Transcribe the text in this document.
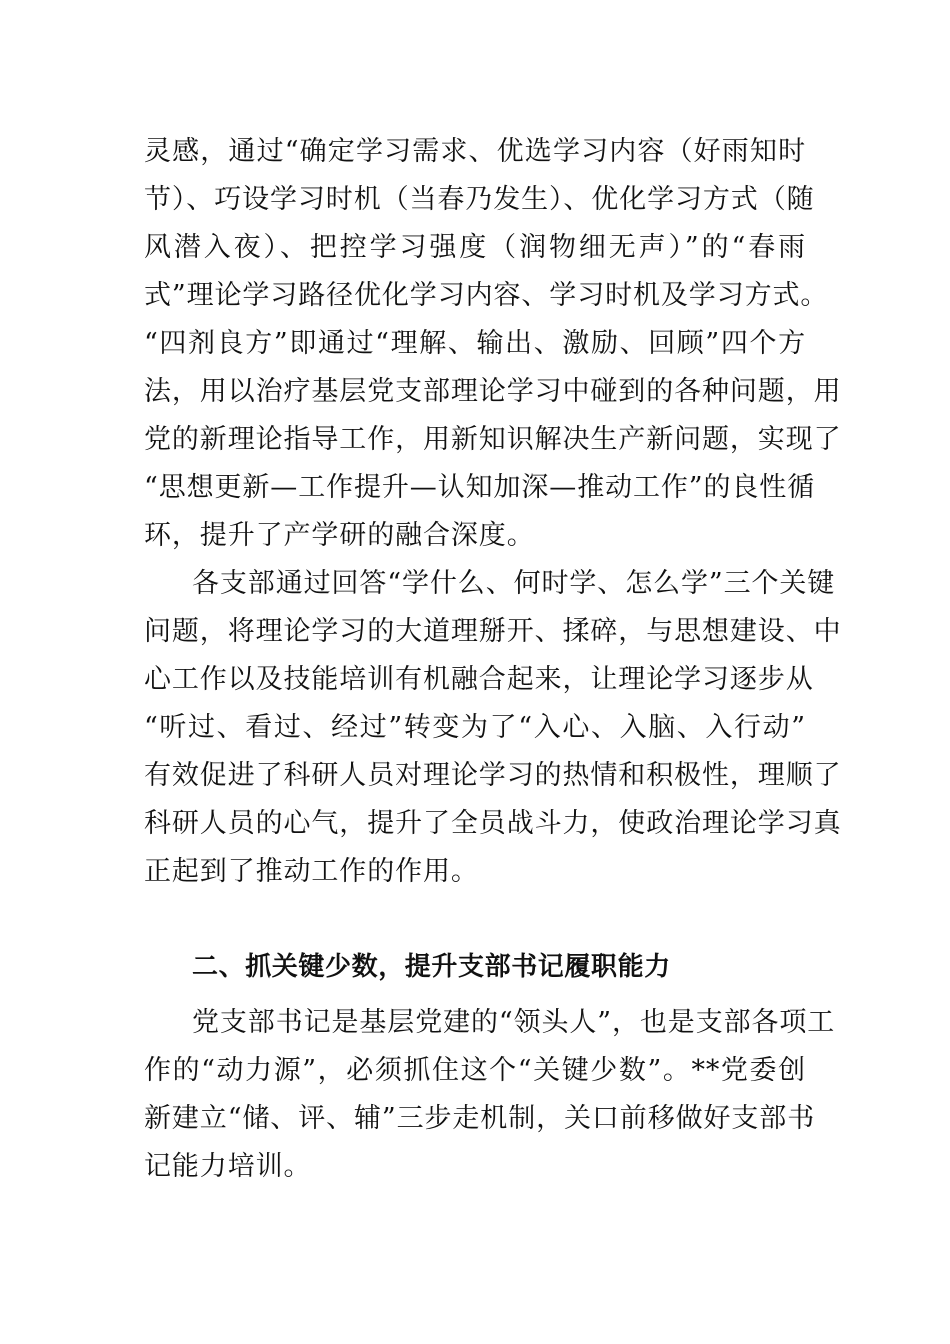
灵感，通过“确定学习需求、优选学习内容（好雨知时
节）、巧设学习时机（当春乃发生）、优化学习方式（随
风潜入夜）、把控学习强度（润物细无声）”的“春雨
式”理论学习路径优化学习内容、学习时机及学习方式。
“四剂良方”即通过“理解、输出、激励、回顾”四个方
法，用以治疗基层党支部理论学习中碰到的各种问题，用
党的新理论指导工作，用新知识解决生产新问题，实现了
“思想更新—工作提升—认知加深—推动工作”的良性循
环，提升了产学研的融合深度。
各支部通过回答“学什么、何时学、怎么学”三个关键
问题，将理论学习的大道理掰开、揉碎，与思想建设、中
心工作以及技能培训有机融合起来，让理论学习逐步从
“听过、看过、经过”转变为了“入心、入脑、入行动”
有效促进了科研人员对理论学习的热情和积极性，理顺了
科研人员的心气，提升了全员战斗力，使政治理论学习真
正起到了推动工作的作用。
二、抓关键少数，提升支部书记履职能力
党支部书记是基层党建的“领头人”，也是支部各项工
作的“动力源”，必须抓住这个“关键少数”。**党委创
新建立“储、评、辅”三步走机制，关口前移做好支部书
记能力培训。
